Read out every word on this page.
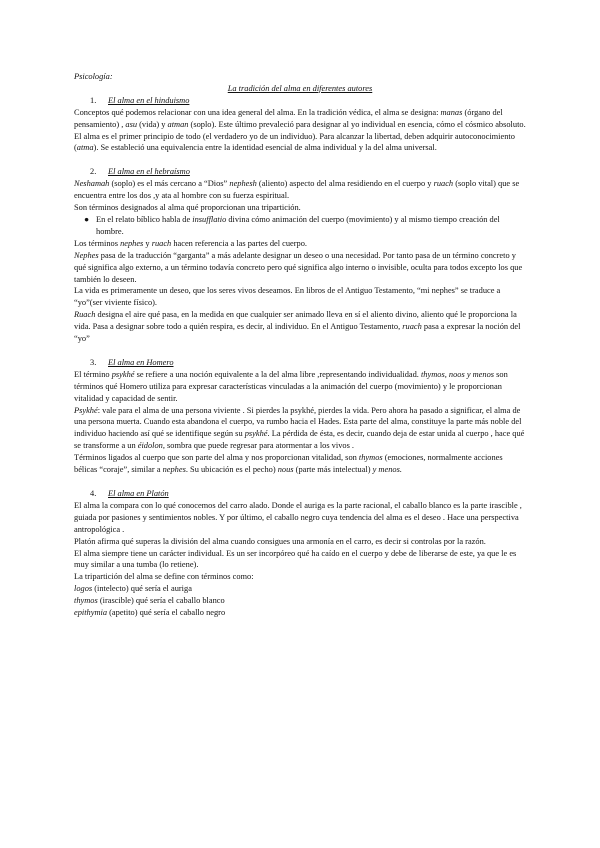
Psicología:

La tradición del alma en diferentes autores

1. El alma en el hinduismo

Conceptos qué podemos relacionar con una idea general del alma. En la tradición védica, el alma se designa: manas (órgano del pensamiento) , asu (vida) y atman (soplo). Este último prevaleció para designar al yo individual en esencia, cómo el cósmico absoluto.

El alma es el primer principio de todo (el verdadero yo de un individuo). Para alcanzar la libertad, deben adquirir autoconocimiento (atma). Se estableció una equivalencia entre la identidad esencial de alma individual y la del alma universal.

2. El alma en el hebraísmo

Neshamah (soplo) es el más cercano a “Dios” nephesh (aliento) aspecto del alma residiendo en el cuerpo y ruach (soplo vital) que se encuentra entre los dos ,y ata al hombre con su fuerza espiritual.

Son términos designados al alma qué proporcionan una tripartición.

● En el relato bíblico habla de insufflatio divina cómo animación del cuerpo (movimiento) y al mismo tiempo creación del hombre.

Los términos nephes y ruach hacen referencia a las partes del cuerpo.

Nephes pasa de la traducción “garganta” a más adelante designar un deseo o una necesidad. Por tanto pasa de un término concreto y qué significa algo externo, a un término todavía concreto pero qué significa algo interno o invisible, oculta para todos excepto los que también lo deseen.

La vida es primeramente un deseo, que los seres vivos deseamos. En libros de el Antiguo Testamento, “mi nephes” se traduce a “yo”(ser viviente físico).

Ruach designa el aire qué pasa, en la medida en que cualquier ser animado lleva en sí el aliento divino, aliento qué le proporciona la vida. Pasa a designar sobre todo a quién respira, es decir, al individuo. En el Antiguo Testamento, ruach pasa a expresar la noción del “yo”

3. El alma en Homero

El término psykhé se refiere a una noción equivalente a la del alma libre ,representando individualidad. thymos, noos y menos son términos qué Homero utiliza para expresar características vinculadas a la animación del cuerpo (movimiento) y le proporcionan vitalidad y capacidad de sentir.

Psykhé: vale para el alma de una persona viviente . Si pierdes la psykhé, pierdes la vida. Pero ahora ha pasado a significar, el alma de una persona muerta. Cuando esta abandona el cuerpo, va rumbo hacia el Hades. Esta parte del alma, constituye la parte más noble del individuo haciendo así qué se identifique según su psykhé. La pérdida de ésta, es decir, cuando deja de estar unida al cuerpo , hace qué se transforme a un éidolon, sombra que puede regresar para atormentar a los vivos .

Términos ligados al cuerpo que son parte del alma y nos proporcionan vitalidad, son thymos (emociones, normalmente acciones bélicas “coraje”, similar a nephes. Su ubicación es el pecho) nous (parte más intelectual) y menos.

4. El alma en Platón

El alma la compara con lo qué conocemos del carro alado. Donde el auriga es la parte racional, el caballo blanco es la parte irascible , guiada por pasiones y sentimientos nobles. Y por último, el caballo negro cuya tendencia del alma es el deseo . Hace una perspectiva antropológica .

Platón afirma qué superas la división del alma cuando consigues una armonía en el carro, es decir si controlas por la razón.

El alma siempre tiene un carácter individual. Es un ser incorpóreo qué ha caído en el cuerpo y debe de liberarse de este, ya que le es muy similar a una tumba (lo retiene).

La tripartición del alma se define con términos como:

logos (intelecto) qué sería el auriga

thymos (irascible) qué sería el caballo blanco

epithymia (apetito) qué sería el caballo negro
